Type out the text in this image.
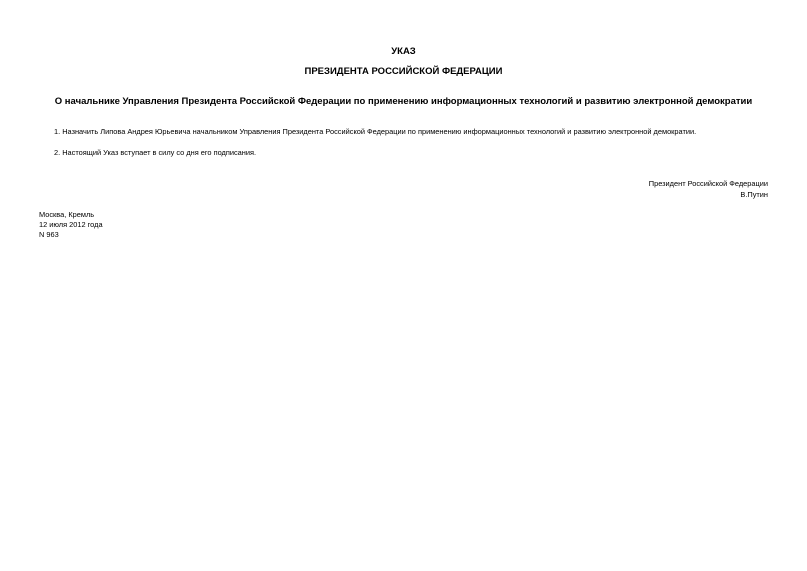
УКАЗ
ПРЕЗИДЕНТА РОССИЙСКОЙ ФЕДЕРАЦИИ
О начальнике Управления Президента Российской Федерации по применению информационных технологий и развитию электронной демократии
1. Назначить Липова Андрея Юрьевича начальником Управления Президента Российской Федерации по применению информационных технологий и развитию электронной демократии.
2. Настоящий Указ вступает в силу со дня его подписания.
Президент Российской Федерации
В.Путин
Москва, Кремль
12 июля 2012 года
N 963
